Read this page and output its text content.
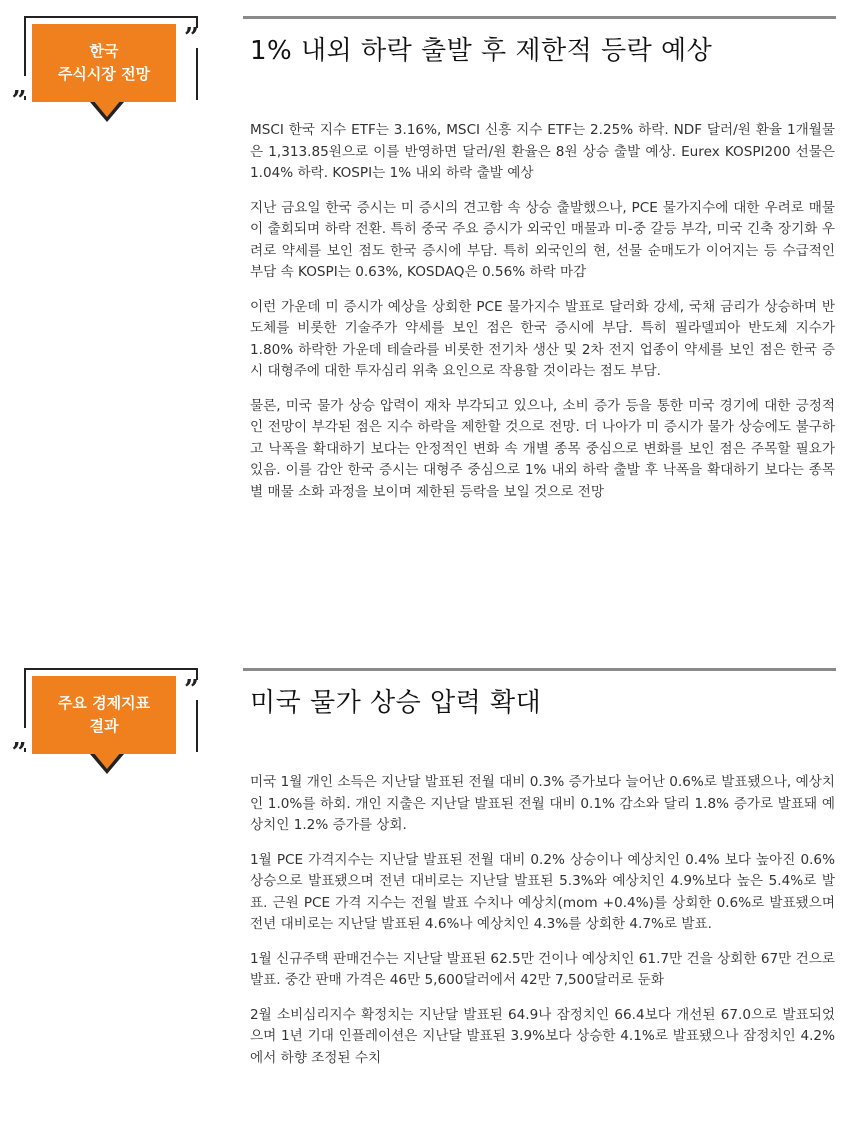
한국
주식시장 전망
„
” 1% 내외 하락 출발 후 제한적 등락 예상

MSCI 한국 지수 ETF는 3.16%, MSCI 신흥 지수 ETF는 2.25% 하락. NDF 달러/원 환율 1개월물은 1,313.85원으로 이를 반영하면 달러/원 환율은 8원 상승 출발 예상. Eurex KOSPI200 선물은 1.04% 하락. KOSPI는 1% 내외 하락 출발 예상

지난 금요일 한국 증시는 미 증시의 견고함 속 상승 출발했으나, PCE 물가지수에 대한 우려로 매물이 출회되며 하락 전환. 특히 중국 주요 증시가 외국인 매물과 미-중 갈등 부각, 미국 긴축 장기화 우려로 약세를 보인 점도 한국 증시에 부담. 특히 외국인의 현, 선물 순매도가 이어지는 등 수급적인 부담 속 KOSPI는 0.63%, KOSDAQ은 0.56% 하락 마감

이런 가운데 미 증시가 예상을 상회한 PCE 물가지수 발표로 달러화 강세, 국채 금리가 상승하며 반도체를 비롯한 기술주가 약세를 보인 점은 한국 증시에 부담. 특히 필라델피아 반도체 지수가 1.80% 하락한 가운데 테슬라를 비롯한 전기차 생산 및 2차 전지 업종이 약세를 보인 점은 한국 증시 대형주에 대한 투자심리 위축 요인으로 작용할 것이라는 점도 부담.

물론, 미국 물가 상승 압력이 재차 부각되고 있으나, 소비 증가 등을 통한 미국 경기에 대한 긍정적인 전망이 부각된 점은 지수 하락을 제한할 것으로 전망. 더 나아가 미 증시가 물가 상승에도 불구하고 낙폭을 확대하기 보다는 안정적인 변화 속 개별 종목 중심으로 변화를 보인 점은 주목할 필요가 있음. 이를 감안 한국 증시는 대형주 중심으로 1% 내외 하락 출발 후 낙폭을 확대하기 보다는 종목별 매물 소화 과정을 보이며 제한된 등락을 보일 것으로 전망

주요 경제지표
결과
„
” 미국 물가 상승 압력 확대

미국 1월 개인 소득은 지난달 발표된 전월 대비 0.3% 증가보다 늘어난 0.6%로 발표됐으나, 예상치인 1.0%를 하회. 개인 지출은 지난달 발표된 전월 대비 0.1% 감소와 달리 1.8% 증가로 발표돼 예상치인 1.2% 증가를 상회.

1월 PCE 가격지수는 지난달 발표된 전월 대비 0.2% 상승이나 예상치인 0.4% 보다 높아진 0.6% 상승으로 발표됐으며 전년 대비로는 지난달 발표된 5.3%와 예상치인 4.9%보다 높은 5.4%로 발표. 근원 PCE 가격 지수는 전월 발표 수치나 예상치(mom +0.4%)를 상회한 0.6%로 발표됐으며 전년 대비로는 지난달 발표된 4.6%나 예상치인 4.3%를 상회한 4.7%로 발표.

1월 신규주택 판매건수는 지난달 발표된 62.5만 건이나 예상치인 61.7만 건을 상회한 67만 건으로 발표. 중간 판매 가격은 46만 5,600달러에서 42만 7,500달러로 둔화

2월 소비심리지수 확정치는 지난달 발표된 64.9나 잠정치인 66.4보다 개선된 67.0으로 발표되었으며 1년 기대 인플레이션은 지난달 발표된 3.9%보다 상승한 4.1%로 발표됐으나 잠정치인 4.2%에서 하향 조정된 수치
